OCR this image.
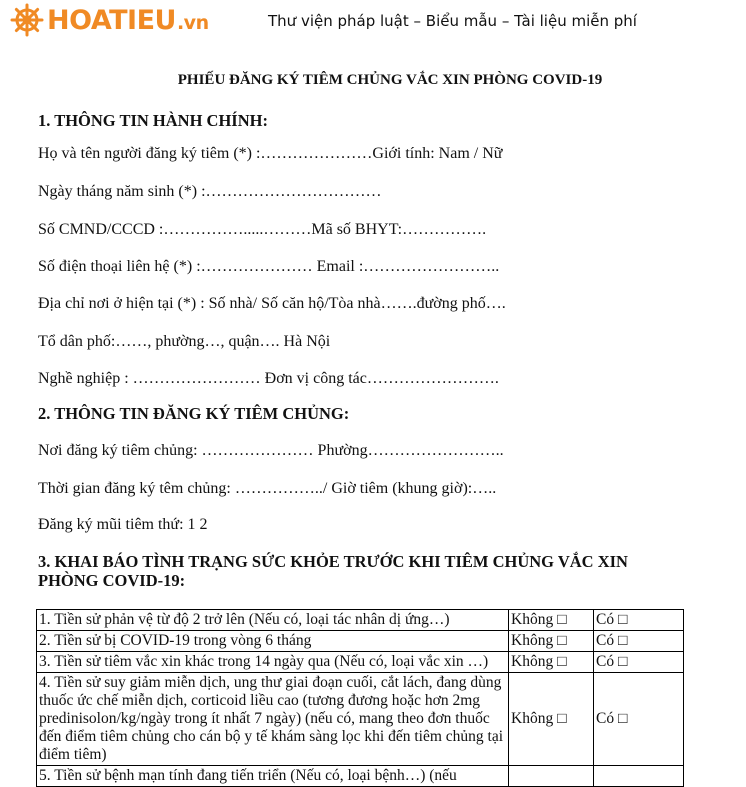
HOATIEU.vn	Thư viện pháp luật – Biểu mẫu – Tài liệu miễn phí
PHIẾU ĐĂNG KÝ TIÊM CHỦNG VẮC XIN PHÒNG COVID-19
1. THÔNG TIN HÀNH CHÍNH:
Họ và tên người đăng ký tiêm (*) :…………………Giới tính: Nam / Nữ
Ngày tháng năm sinh (*) :……………………………
Số CMND/CCCD :…………….....………Mã số BHYT:…………….
Số điện thoại liên hệ (*) :………………… Email :……………………..
Địa chỉ nơi ở hiện tại (*) : Số nhà/ Số căn hộ/Tòa nhà…….đường phố….
Tổ dân phố:……, phường…, quận…. Hà Nội
Nghề nghiệp : …………………… Đơn vị công tác…………………….
2. THÔNG TIN ĐĂNG KÝ TIÊM CHỦNG:
Nơi đăng ký tiêm chủng: ………………… Phường……………………..
Thời gian đăng ký têm chủng: ……………../ Giờ tiêm (khung giờ):…..
Đăng ký mũi tiêm thứ: 1 2
3. KHAI BÁO TÌNH TRẠNG SỨC KHỎE TRƯỚC KHI TIÊM CHỦNG VẮC XIN PHÒNG COVID-19:
1. Tiền sử phản vệ từ độ 2 trở lên (Nếu có, loại tác nhân dị ứng…)	Không □	Có □
2. Tiền sử bị COVID-19 trong vòng 6 tháng	Không □	Có □
3. Tiền sử tiêm vắc xin khác trong 14 ngày qua (Nếu có, loại vắc xin …)	Không □	Có □
4. Tiền sử suy giảm miễn dịch, ung thư giai đoạn cuối, cắt lách, đang dùng thuốc ức chế miễn dịch, corticoid liều cao (tương đương hoặc hơn 2mg predinisolon/kg/ngày trong ít nhất 7 ngày) (nếu có, mang theo đơn thuốc đến điểm tiêm chủng cho cán bộ y tế khám sàng lọc khi đến tiêm chủng tại điểm tiêm)	Không □	Có □
5. Tiền sử bệnh mạn tính đang tiến triển (Nếu có, loại bệnh…) (nếu		
